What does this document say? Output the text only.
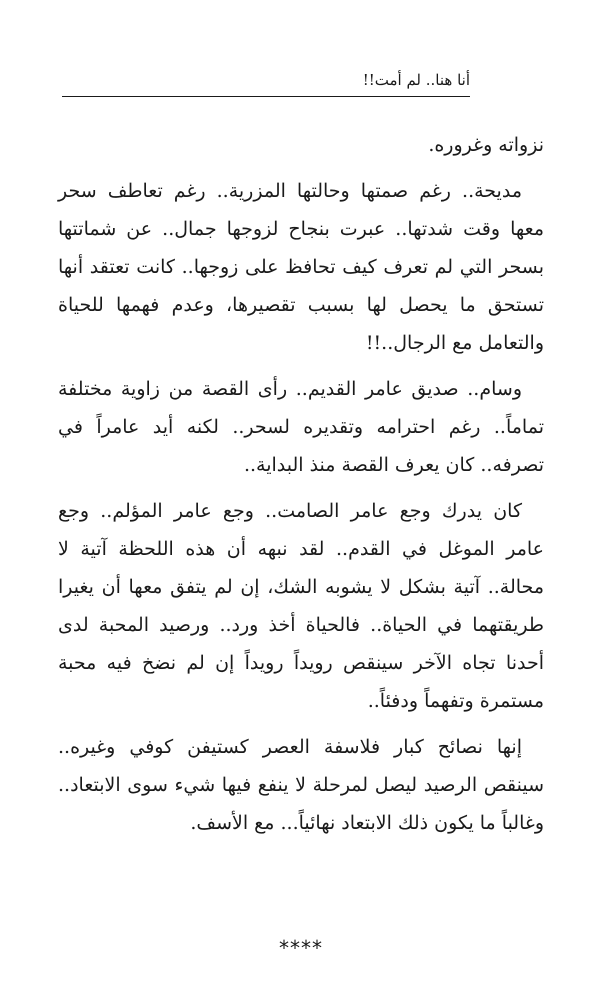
أنا هنا.. لم أمت!!

نزواته وغروره.

مديحة.. رغم صمتها وحالتها المزرية.. رغم تعاطف سحر معها وقت شدتها.. عبرت بنجاح لزوجها جمال.. عن شماتتها بسحر التي لم تعرف كيف تحافظ على زوجها.. كانت تعتقد أنها تستحق ما يحصل لها بسبب تقصيرها، وعدم فهمها للحياة والتعامل مع الرجال..!!

وسام.. صديق عامر القديم.. رأى القصة من زاوية مختلفة تماماً.. رغم احترامه وتقديره لسحر.. لكنه أيد عامراً في تصرفه.. كان يعرف القصة منذ البداية..

كان يدرك وجع عامر الصامت.. وجع عامر المؤلم.. وجع عامر الموغل في القدم.. لقد نبهه أن هذه اللحظة آتية لا محالة.. آتية بشكل لا يشوبه الشك، إن لم يتفق معها أن يغيرا طريقتهما في الحياة.. فالحياة أخذ ورد.. ورصيد المحبة لدى أحدنا تجاه الآخر سينقص رويداً رويداً إن لم نضخ فيه محبة مستمرة وتفهماً ودفئاً..

إنها نصائح كبار فلاسفة العصر كستيفن كوفي وغيره.. سينقص الرصيد ليصل لمرحلة لا ينفع فيها شيء سوى الابتعاد.. وغالباً ما يكون ذلك الابتعاد نهائياً... مع الأسف.

****
